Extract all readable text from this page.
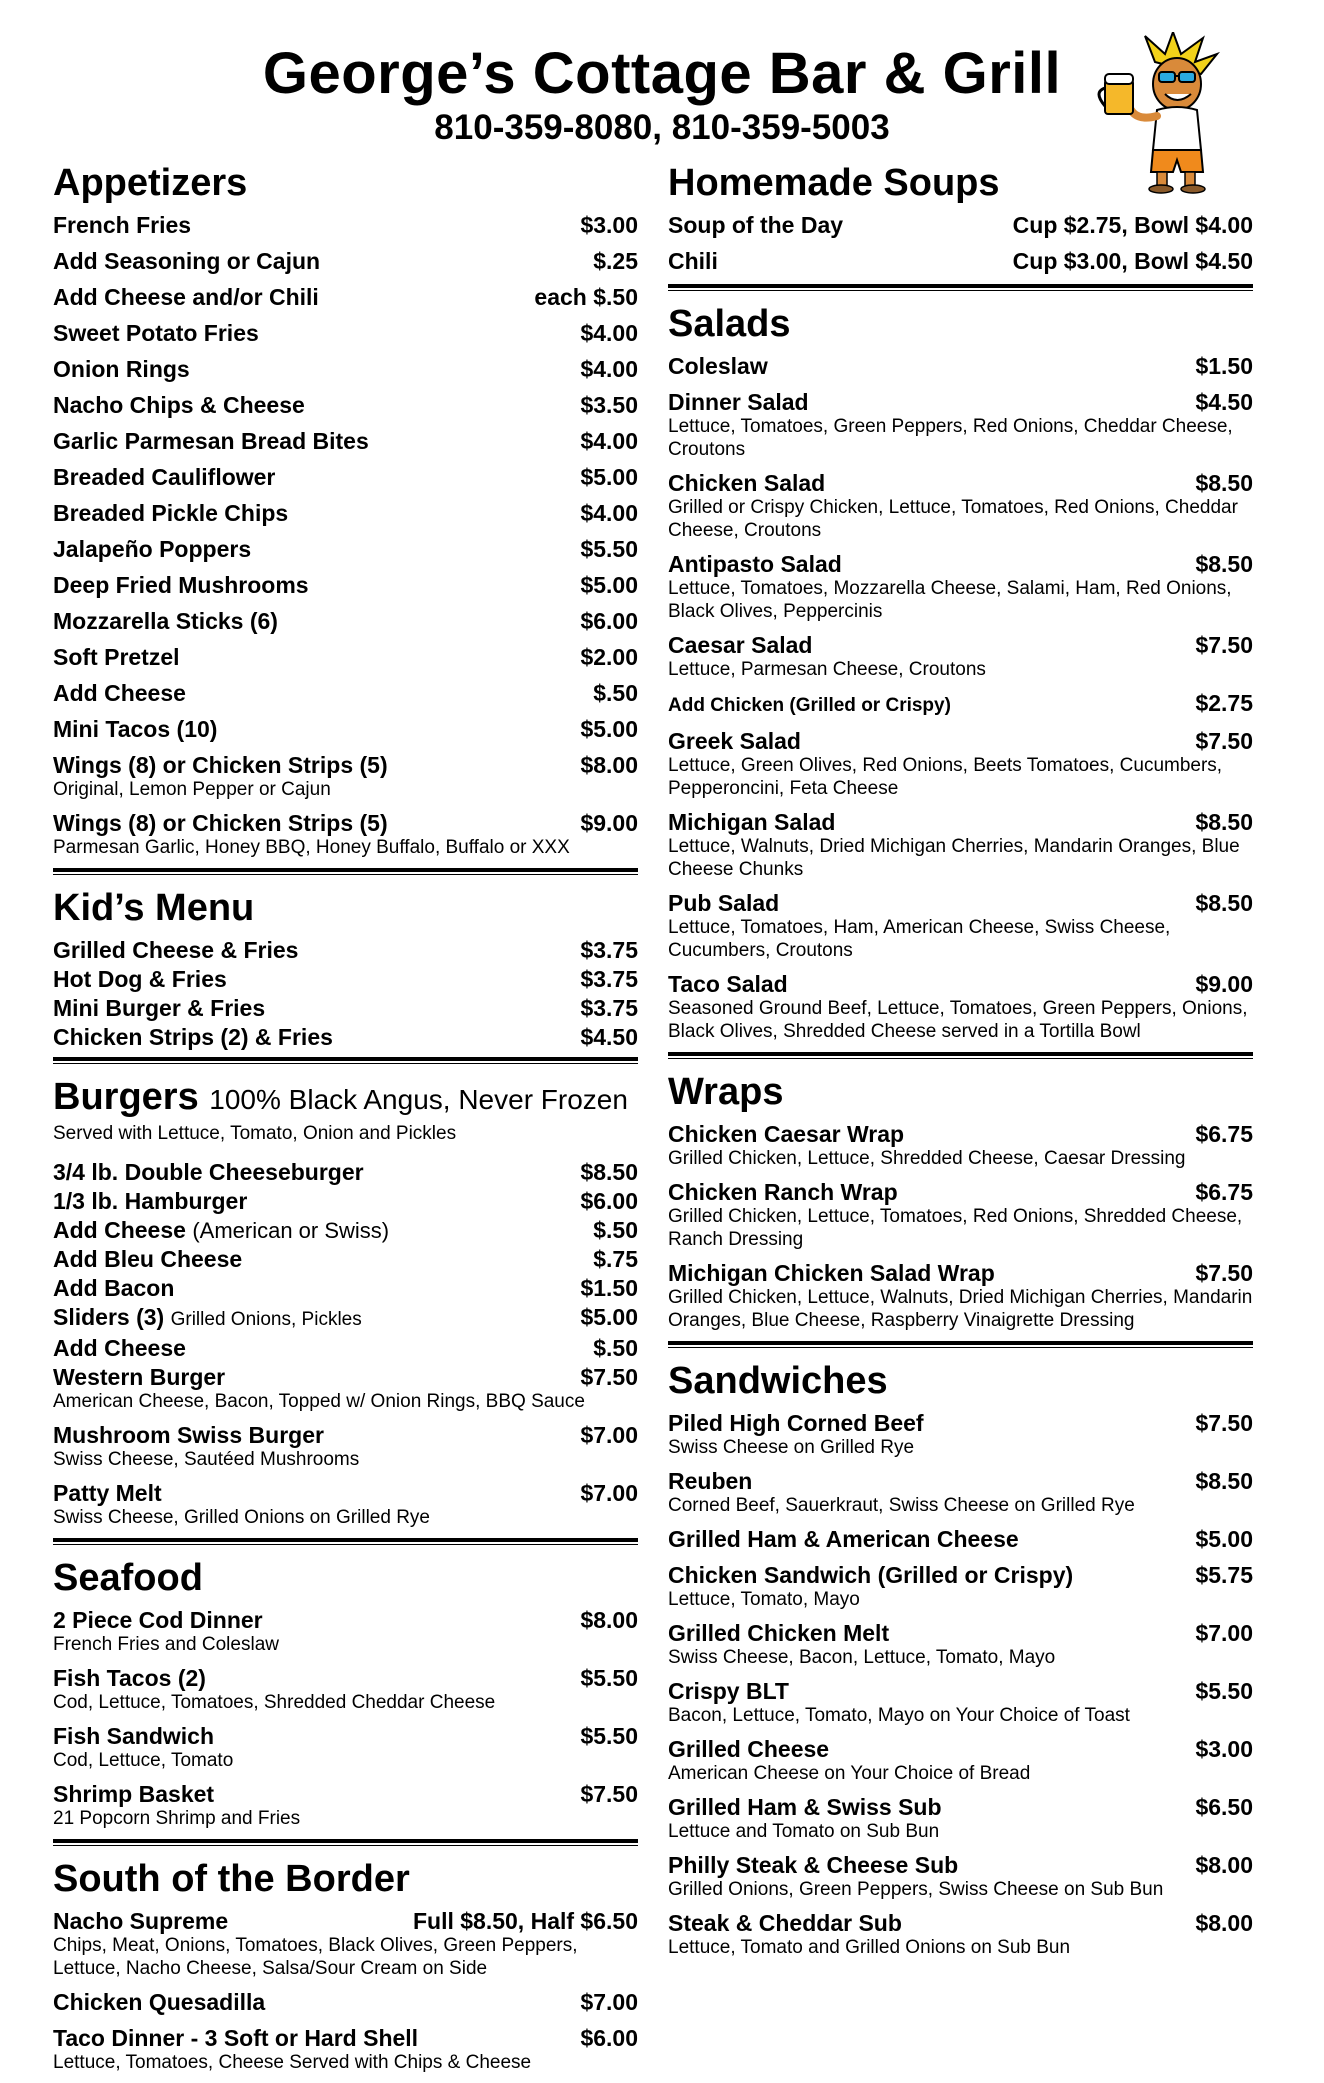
George’s Cottage Bar & Grill
810-359-8080, 810-359-5003
Appetizers
French Fries	$3.00
Add Seasoning or Cajun	$.25
Add Cheese and/or Chili	each $.50
Sweet Potato Fries	$4.00
Onion Rings	$4.00
Nacho Chips & Cheese	$3.50
Garlic Parmesan Bread Bites	$4.00
Breaded Cauliflower	$5.00
Breaded Pickle Chips	$4.00
Jalapeño Poppers	$5.50
Deep Fried Mushrooms	$5.00
Mozzarella Sticks (6)	$6.00
Soft Pretzel	$2.00
Add Cheese	$.50
Mini Tacos (10)	$5.00
Wings (8) or Chicken Strips (5)	$8.00
Original, Lemon Pepper or Cajun
Wings (8) or Chicken Strips (5)	$9.00
Parmesan Garlic, Honey BBQ, Honey Buffalo, Buffalo or XXX
Kid’s Menu
Grilled Cheese & Fries	$3.75
Hot Dog & Fries	$3.75
Mini Burger & Fries	$3.75
Chicken Strips (2) & Fries	$4.50
Burgers 100% Black Angus, Never Frozen
Served with Lettuce, Tomato, Onion and Pickles
3/4 lb. Double Cheeseburger	$8.50
1/3 lb. Hamburger	$6.00
Add Cheese (American or Swiss)	$.50
Add Bleu Cheese	$.75
Add Bacon	$1.50
Sliders (3) Grilled Onions, Pickles	$5.00
Add Cheese	$.50
Western Burger	$7.50
American Cheese, Bacon, Topped w/ Onion Rings, BBQ Sauce
Mushroom Swiss Burger	$7.00
Swiss Cheese, Sautéed Mushrooms
Patty Melt	$7.00
Swiss Cheese, Grilled Onions on Grilled Rye
Seafood
2 Piece Cod Dinner	$8.00
French Fries and Coleslaw
Fish Tacos (2)	$5.50
Cod, Lettuce, Tomatoes, Shredded Cheddar Cheese
Fish Sandwich	$5.50
Cod, Lettuce, Tomato
Shrimp Basket	$7.50
21 Popcorn Shrimp and Fries
South of the Border
Nacho Supreme	Full $8.50, Half $6.50
Chips, Meat, Onions, Tomatoes, Black Olives, Green Peppers, Lettuce, Nacho Cheese, Salsa/Sour Cream on Side
Chicken Quesadilla	$7.00
Taco Dinner - 3 Soft or Hard Shell	$6.00
Lettuce, Tomatoes, Cheese Served with Chips & Cheese
Homemade Soups
Soup of the Day	Cup $2.75, Bowl $4.00
Chili	Cup $3.00, Bowl $4.50
Salads
Coleslaw	$1.50
Dinner Salad	$4.50
Lettuce, Tomatoes, Green Peppers, Red Onions, Cheddar Cheese, Croutons
Chicken Salad	$8.50
Grilled or Crispy Chicken, Lettuce, Tomatoes, Red Onions, Cheddar Cheese, Croutons
Antipasto Salad	$8.50
Lettuce, Tomatoes, Mozzarella Cheese, Salami, Ham, Red Onions, Black Olives, Peppercinis
Caesar Salad	$7.50
Lettuce, Parmesan Cheese, Croutons
Add Chicken (Grilled or Crispy)	$2.75
Greek Salad	$7.50
Lettuce, Green Olives, Red Onions, Beets Tomatoes, Cucumbers, Pepperoncini, Feta Cheese
Michigan Salad	$8.50
Lettuce, Walnuts, Dried Michigan Cherries, Mandarin Oranges, Blue Cheese Chunks
Pub Salad	$8.50
Lettuce, Tomatoes, Ham, American Cheese, Swiss Cheese, Cucumbers, Croutons
Taco Salad	$9.00
Seasoned Ground Beef, Lettuce, Tomatoes, Green Peppers, Onions, Black Olives, Shredded Cheese served in a Tortilla Bowl
Wraps
Chicken Caesar Wrap	$6.75
Grilled Chicken, Lettuce, Shredded Cheese, Caesar Dressing
Chicken Ranch Wrap	$6.75
Grilled Chicken, Lettuce, Tomatoes, Red Onions, Shredded Cheese, Ranch Dressing
Michigan Chicken Salad Wrap	$7.50
Grilled Chicken, Lettuce, Walnuts, Dried Michigan Cherries, Mandarin Oranges, Blue Cheese, Raspberry Vinaigrette Dressing
Sandwiches
Piled High Corned Beef	$7.50
Swiss Cheese on Grilled Rye
Reuben	$8.50
Corned Beef, Sauerkraut, Swiss Cheese on Grilled Rye
Grilled Ham & American Cheese	$5.00
Chicken Sandwich (Grilled or Crispy)	$5.75
Lettuce, Tomato, Mayo
Grilled Chicken Melt	$7.00
Swiss Cheese, Bacon, Lettuce, Tomato, Mayo
Crispy BLT	$5.50
Bacon, Lettuce, Tomato, Mayo on Your Choice of Toast
Grilled Cheese	$3.00
American Cheese on Your Choice of Bread
Grilled Ham & Swiss Sub	$6.50
Lettuce and Tomato on Sub Bun
Philly Steak & Cheese Sub	$8.00
Grilled Onions, Green Peppers, Swiss Cheese on Sub Bun
Steak & Cheddar Sub	$8.00
Lettuce, Tomato and Grilled Onions on Sub Bun
